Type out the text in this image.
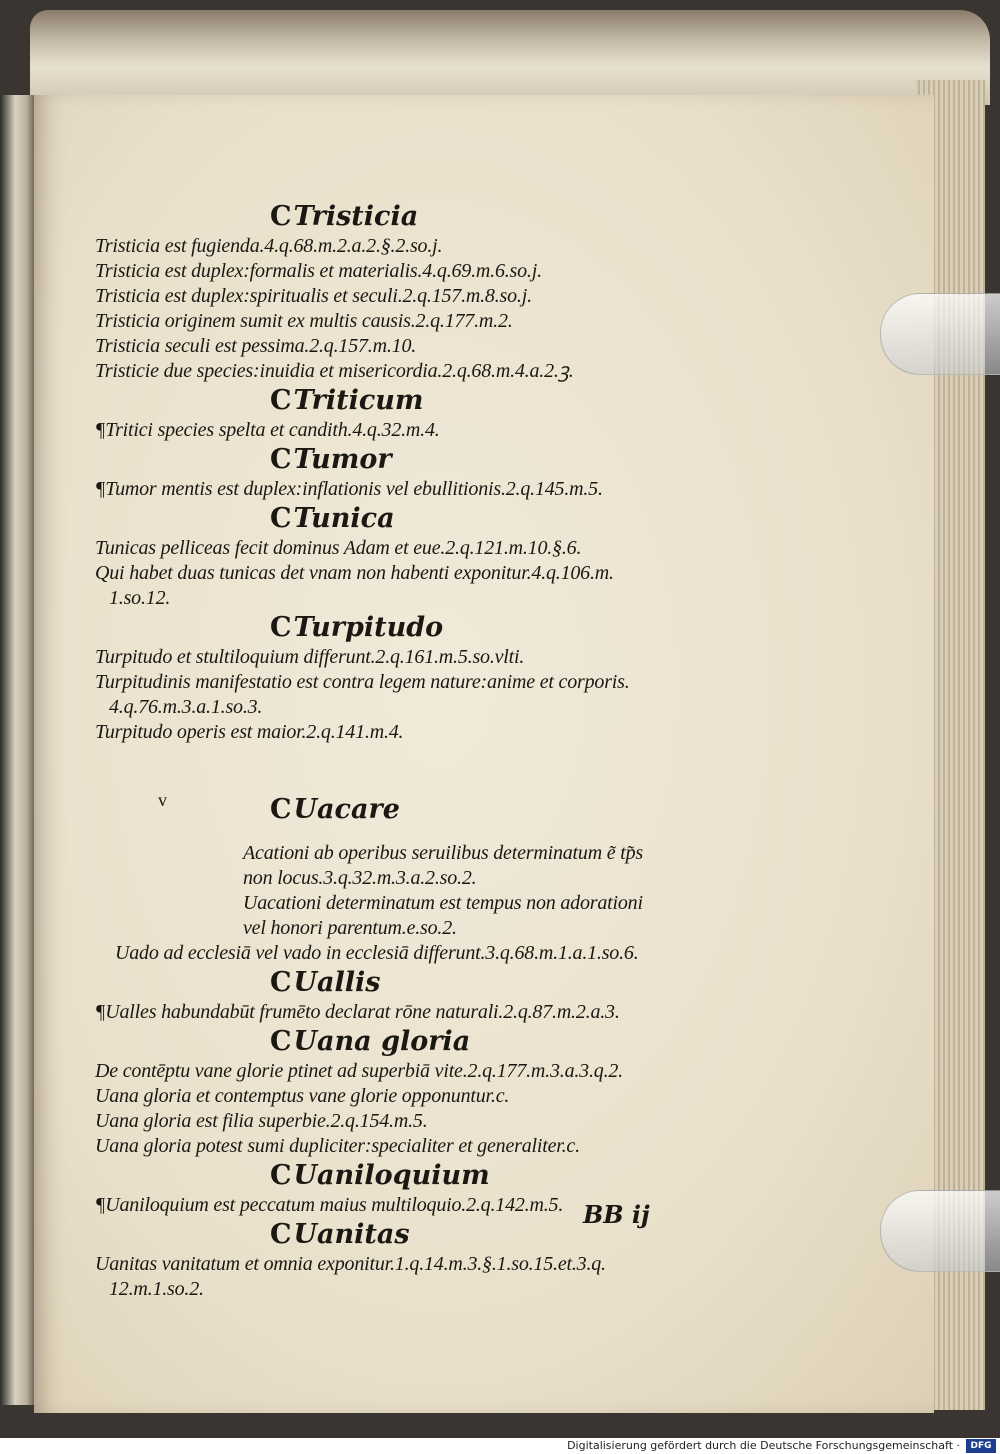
CTristicia
Tristicia est fugienda.4.q.68.m.2.a.2.§.2.so.j.
Tristicia est duplex:formalis et materialis.4.q.69.m.6.so.j.
Tristicia est duplex:spiritualis et seculi.2.q.157.m.8.so.j.
Tristicia originem sumit ex multis causis.2.q.177.m.2.
Tristicia seculi est pessima.2.q.157.m.10.
Tristicie due species:inuidia et misericordia.2.q.68.m.4.a.2.ꝫ.
CTriticum
¶Tritici species spelta et candith.4.q.32.m.4.
CTumor
¶Tumor mentis est duplex:inflationis vel ebullitionis.2.q.145.m.5.
CTunica
Tunicas pelliceas fecit dominus Adam et eue.2.q.121.m.10.§.6.
Qui habet duas tunicas det vnam non habenti exponitur.4.q.106.m.
1.so.12.
CTurpitudo
Turpitudo et stultiloquium differunt.2.q.161.m.5.so.vlti.
Turpitudinis manifestatio est contra legem nature:anime et corporis.
4.q.76.m.3.a.1.so.3.
Turpitudo operis est maior.2.q.141.m.4.
CUacare
Acationi ab operibus seruilibus determinatum e͂ tp͂s
non locus.3.q.32.m.3.a.2.so.2.
Uacationi determinatum est tempus non adorationi
vel honori parentum.e.so.2.
Uado ad ecclesiā vel vado in ecclesiā differunt.3.q.68.m.1.a.1.so.6.
CUallis
¶Ualles habundabūt frumēto declarat rōne naturali.2.q.87.m.2.a.3.
CUana gloria
De contēptu vane glorie ptinet ad superbiā vite.2.q.177.m.3.a.3.q.2.
Uana gloria et contemptus vane glorie opponuntur.c.
Uana gloria est filia superbie.2.q.154.m.5.
Uana gloria potest sumi dupliciter:specialiter et generaliter.c.
CUaniloquium
¶Uaniloquium est peccatum maius multiloquio.2.q.142.m.5.
CUanitas
Uanitas vanitatum et omnia exponitur.1.q.14.m.3.§.1.so.15.et.3.q.
12.m.1.so.2.
v
BB ij
Digitalisierung gefördert durch die Deutsche Forschungsgemeinschaft ·	DFG
